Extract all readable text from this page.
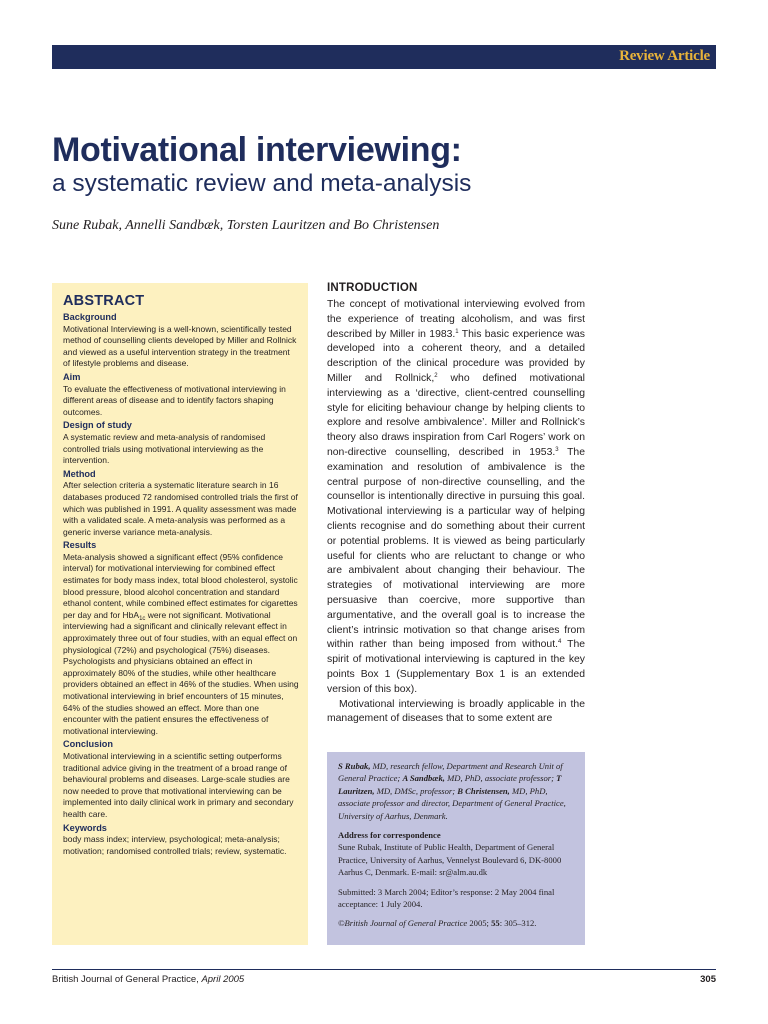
Review Article
Motivational interviewing:
a systematic review and meta-analysis

Sune Rubak, Annelli Sandbæk, Torsten Lauritzen and Bo Christensen

ABSTRACT
Background

Motivational Interviewing is a well-known, scientifically tested method of counselling clients developed by Miller and Rollnick and viewed as a useful intervention strategy in the treatment of lifestyle problems and disease.

Aim

To evaluate the effectiveness of motivational interviewing in different areas of disease and to identify factors shaping outcomes.

Design of study

A systematic review and meta-analysis of randomised controlled trials using motivational interviewing as the intervention.

Method

After selection criteria a systematic literature search in 16 databases produced 72 randomised controlled trials the first of which was published in 1991. A quality assessment was made with a validated scale. A meta-analysis was performed as a generic inverse variance meta-analysis.

Results

Meta-analysis showed a significant effect (95% confidence interval) for motivational interviewing for combined effect estimates for body mass index, total blood cholesterol, systolic blood pressure, blood alcohol concentration and standard ethanol content, while combined effect estimates for cigarettes per day and for HbA$_{1c}$ were not significant. Motivational interviewing had a significant and clinically relevant effect in approximately three out of four studies, with an equal effect on physiological (72%) and psychological (75%) diseases. Psychologists and physicians obtained an effect in approximately 80% of the studies, while other healthcare providers obtained an effect in 46% of the studies. When using motivational interviewing in brief encounters of 15 minutes, 64% of the studies showed an effect. More than one encounter with the patient ensures the effectiveness of motivational interviewing.

Conclusion

Motivational interviewing in a scientific setting outperforms traditional advice giving in the treatment of a broad range of behavioural problems and diseases. Large-scale studies are now needed to prove that motivational interviewing can be implemented into daily clinical work in primary and secondary health care.

Keywords

body mass index; interview, psychological; meta-analysis; motivation; randomised controlled trials; review, systematic.

INTRODUCTION

The concept of motivational interviewing evolved from the experience of treating alcoholism, and was first described by Miller in 1983.$^1$ This basic experience was developed into a coherent theory, and a detailed description of the clinical procedure was provided by Miller and Rollnick,$^2$ who defined motivational interviewing as a ‘directive, client-centred counselling style for eliciting behaviour change by helping clients to explore and resolve ambivalence’. Miller and Rollnick’s theory also draws inspiration from Carl Rogers’ work on non-directive counselling, described in 1953.$^3$ The examination and resolution of ambivalence is the central purpose of non-directive counselling, and the counsellor is intentionally directive in pursuing this goal. Motivational interviewing is a particular way of helping clients recognise and do something about their current or potential problems. It is viewed as being particularly useful for clients who are reluctant to change or who are ambivalent about changing their behaviour. The strategies of motivational interviewing are more persuasive than coercive, more supportive than argumentative, and the overall goal is to increase the client’s intrinsic motivation so that change arises from within rather than being imposed from without.$^4$ The spirit of motivational interviewing is captured in the key points Box 1 (Supplementary Box 1 is an extended version of this box).

Motivational interviewing is broadly applicable in the management of diseases that to some extent are

S Rubak, MD, research fellow, Department and Research Unit of General Practice; A Sandbæk, MD, PhD, associate professor; T Lauritzen, MD, DMSc, professor; B Christensen, MD, PhD, associate professor and director, Department of General Practice, University of Aarhus, Denmark.

Address for correspondence

Sune Rubak, Institute of Public Health, Department of General Practice, University of Aarhus, Vennelyst Boulevard 6, DK-8000 Aarhus C, Denmark. E-mail: sr@alm.au.dk

Submitted: 3 March 2004; Editor’s response: 2 May 2004 final acceptance: 1 July 2004.

©British Journal of General Practice 2005; 55: 305–312.

British Journal of General Practice, April 2005	305
